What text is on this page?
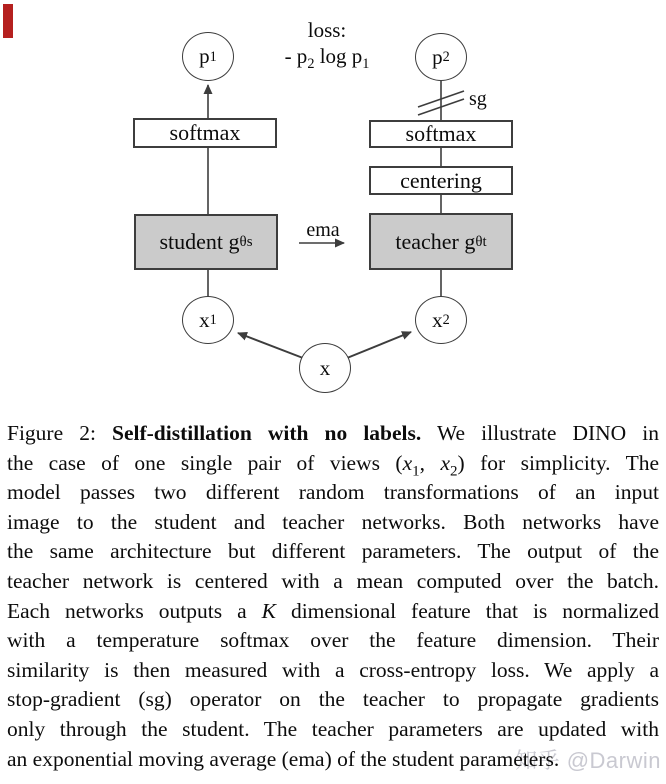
loss:
- $p_2$ $\log p_1$
p 1	p 2
sg
softmax	softmax
centering
student g θs
ema	teacher g θt
x 1	x 2
x
知乎 @Darwin
Figure 2: Self-distillation with no labels. We illustrate DINO in
the case of one single pair of views ($x_1$, $x_2$) for simplicity. The
model passes two different random transformations of an input
image to the student and teacher networks. Both networks have
the same architecture but different parameters. The output of the
teacher network is centered with a mean computed over the batch.
Each networks outputs a K dimensional feature that is normalized
with a temperature softmax over the feature dimension. Their
similarity is then measured with a cross-entropy loss. We apply a
stop-gradient (sg) operator on the teacher to propagate gradients
only through the student. The teacher parameters are updated with
an exponential moving average (ema) of the student parameters.
